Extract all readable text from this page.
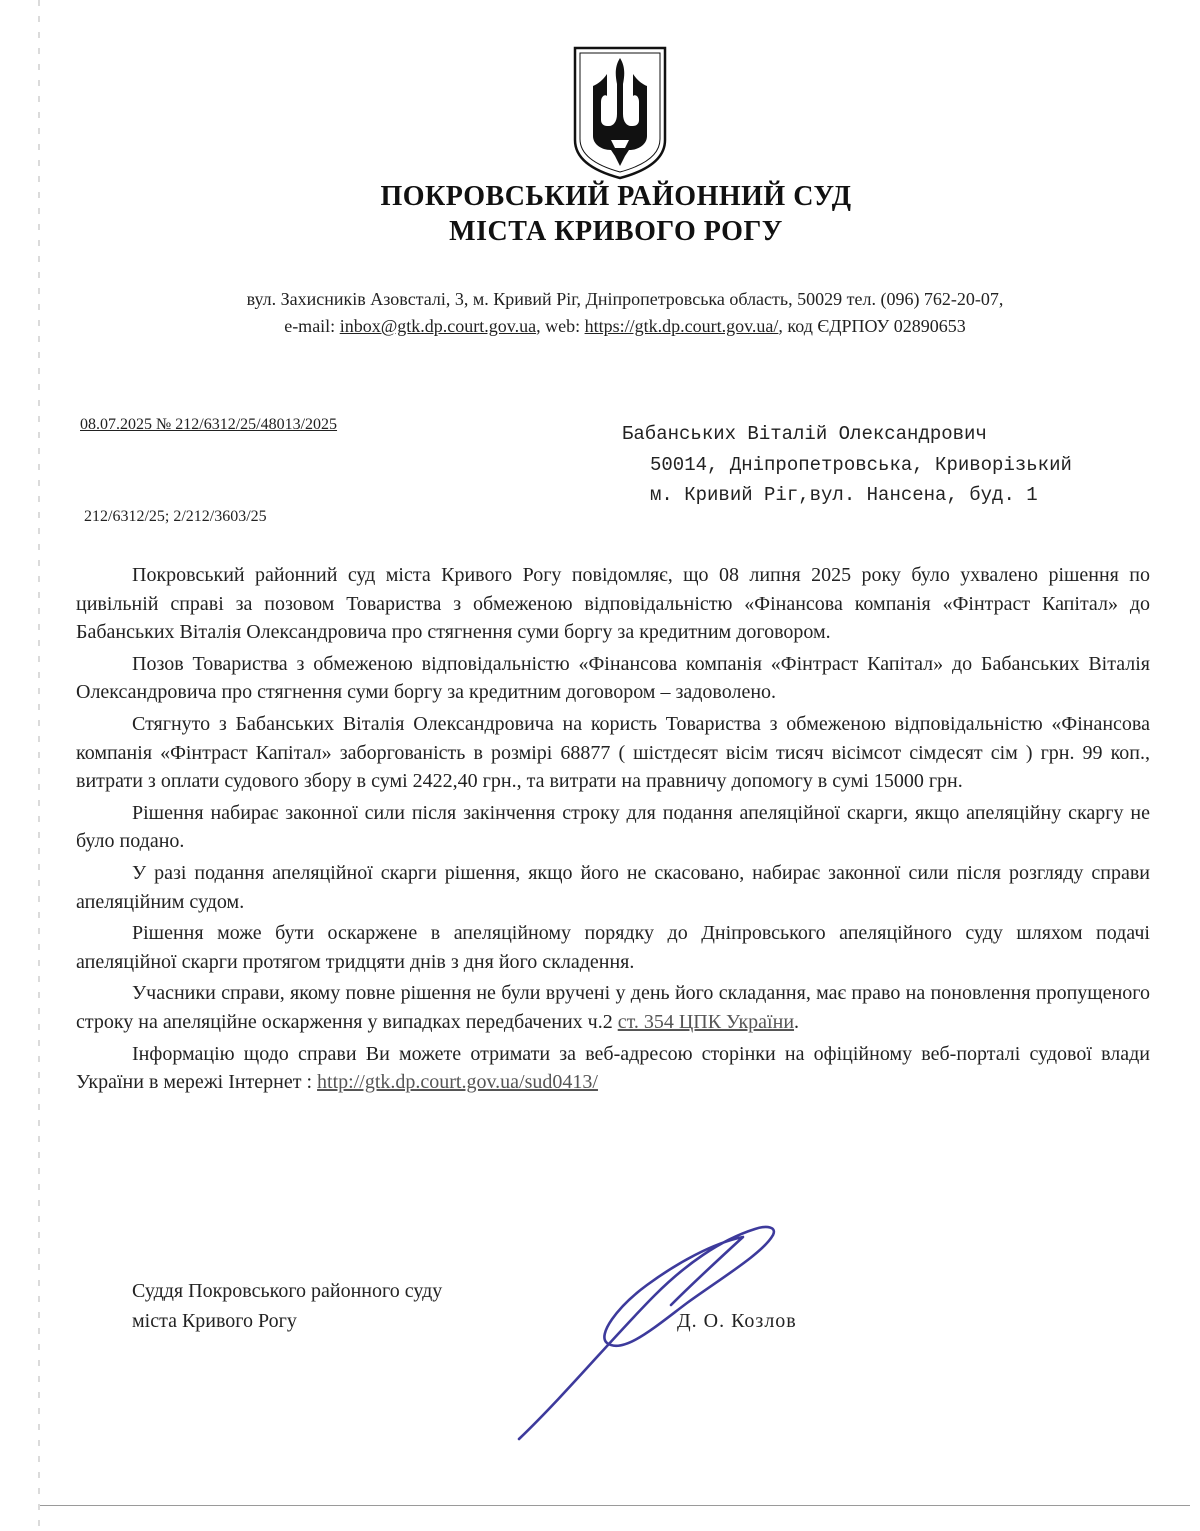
ПОКРОВСЬКИЙ РАЙОННИЙ СУД
МІСТА КРИВОГО РОГУ
вул. Захисників Азовсталі, 3, м. Кривий Ріг, Дніпропетровська область, 50029 тел. (096) 762-20-07,
e-mail: inbox@gtk.dp.court.gov.ua, web: https://gtk.dp.court.gov.ua/, код ЄДРПОУ 02890653
08.07.2025 № 212/6312/25/48013/2025
212/6312/25; 2/212/3603/25
Бабанських Віталій Олександрович
50014, Дніпропетровська, Криворізький
м. Кривий Ріг,вул. Нансена, буд. 1

Покровський районний суд міста Кривого Рогу повідомляє, що 08 липня 2025 року було ухвалено рішення по цивільній справі за позовом Товариства з обмеженою відповідальністю «Фінансова компанія «Фінтраст Капітал» до Бабанських Віталія Олександровича про стягнення суми боргу за кредитним договором.

Позов Товариства з обмеженою відповідальністю «Фінансова компанія «Фінтраст Капітал» до Бабанських Віталія Олександровича про стягнення суми боргу за кредитним договором – задоволено.

Стягнуто з Бабанських Віталія Олександровича на користь Товариства з обмеженою відповідальністю «Фінансова компанія «Фінтраст Капітал» заборгованість в розмірі 68877 ( шістдесят вісім тисяч вісімсот сімдесят сім ) грн. 99 коп., витрати з оплати судового збору в сумі 2422,40 грн., та витрати на правничу допомогу в сумі 15000 грн.

Рішення набирає законної сили після закінчення строку для подання апеляційної скарги, якщо апеляційну скаргу не було подано.

У разі подання апеляційної скарги рішення, якщо його не скасовано, набирає законної сили після розгляду справи апеляційним судом.

Рішення може бути оскаржене в апеляційному порядку до Дніпровського апеляційного суду шляхом подачі апеляційної скарги протягом тридцяти днів з дня його складення.

Учасники справи, якому повне рішення не були вручені у день його складання, має право на поновлення пропущеного строку на апеляційне оскарження у випадках передбачених ч.2 ст. 354 ЦПК України.

Інформацію щодо справи Ви можете отримати за веб-адресою сторінки на офіційному веб-порталі судової влади України в мережі Інтернет : http://gtk.dp.court.gov.ua/sud0413/

Суддя Покровського районного суду
міста Кривого Рогу	Д. О. Козлов
